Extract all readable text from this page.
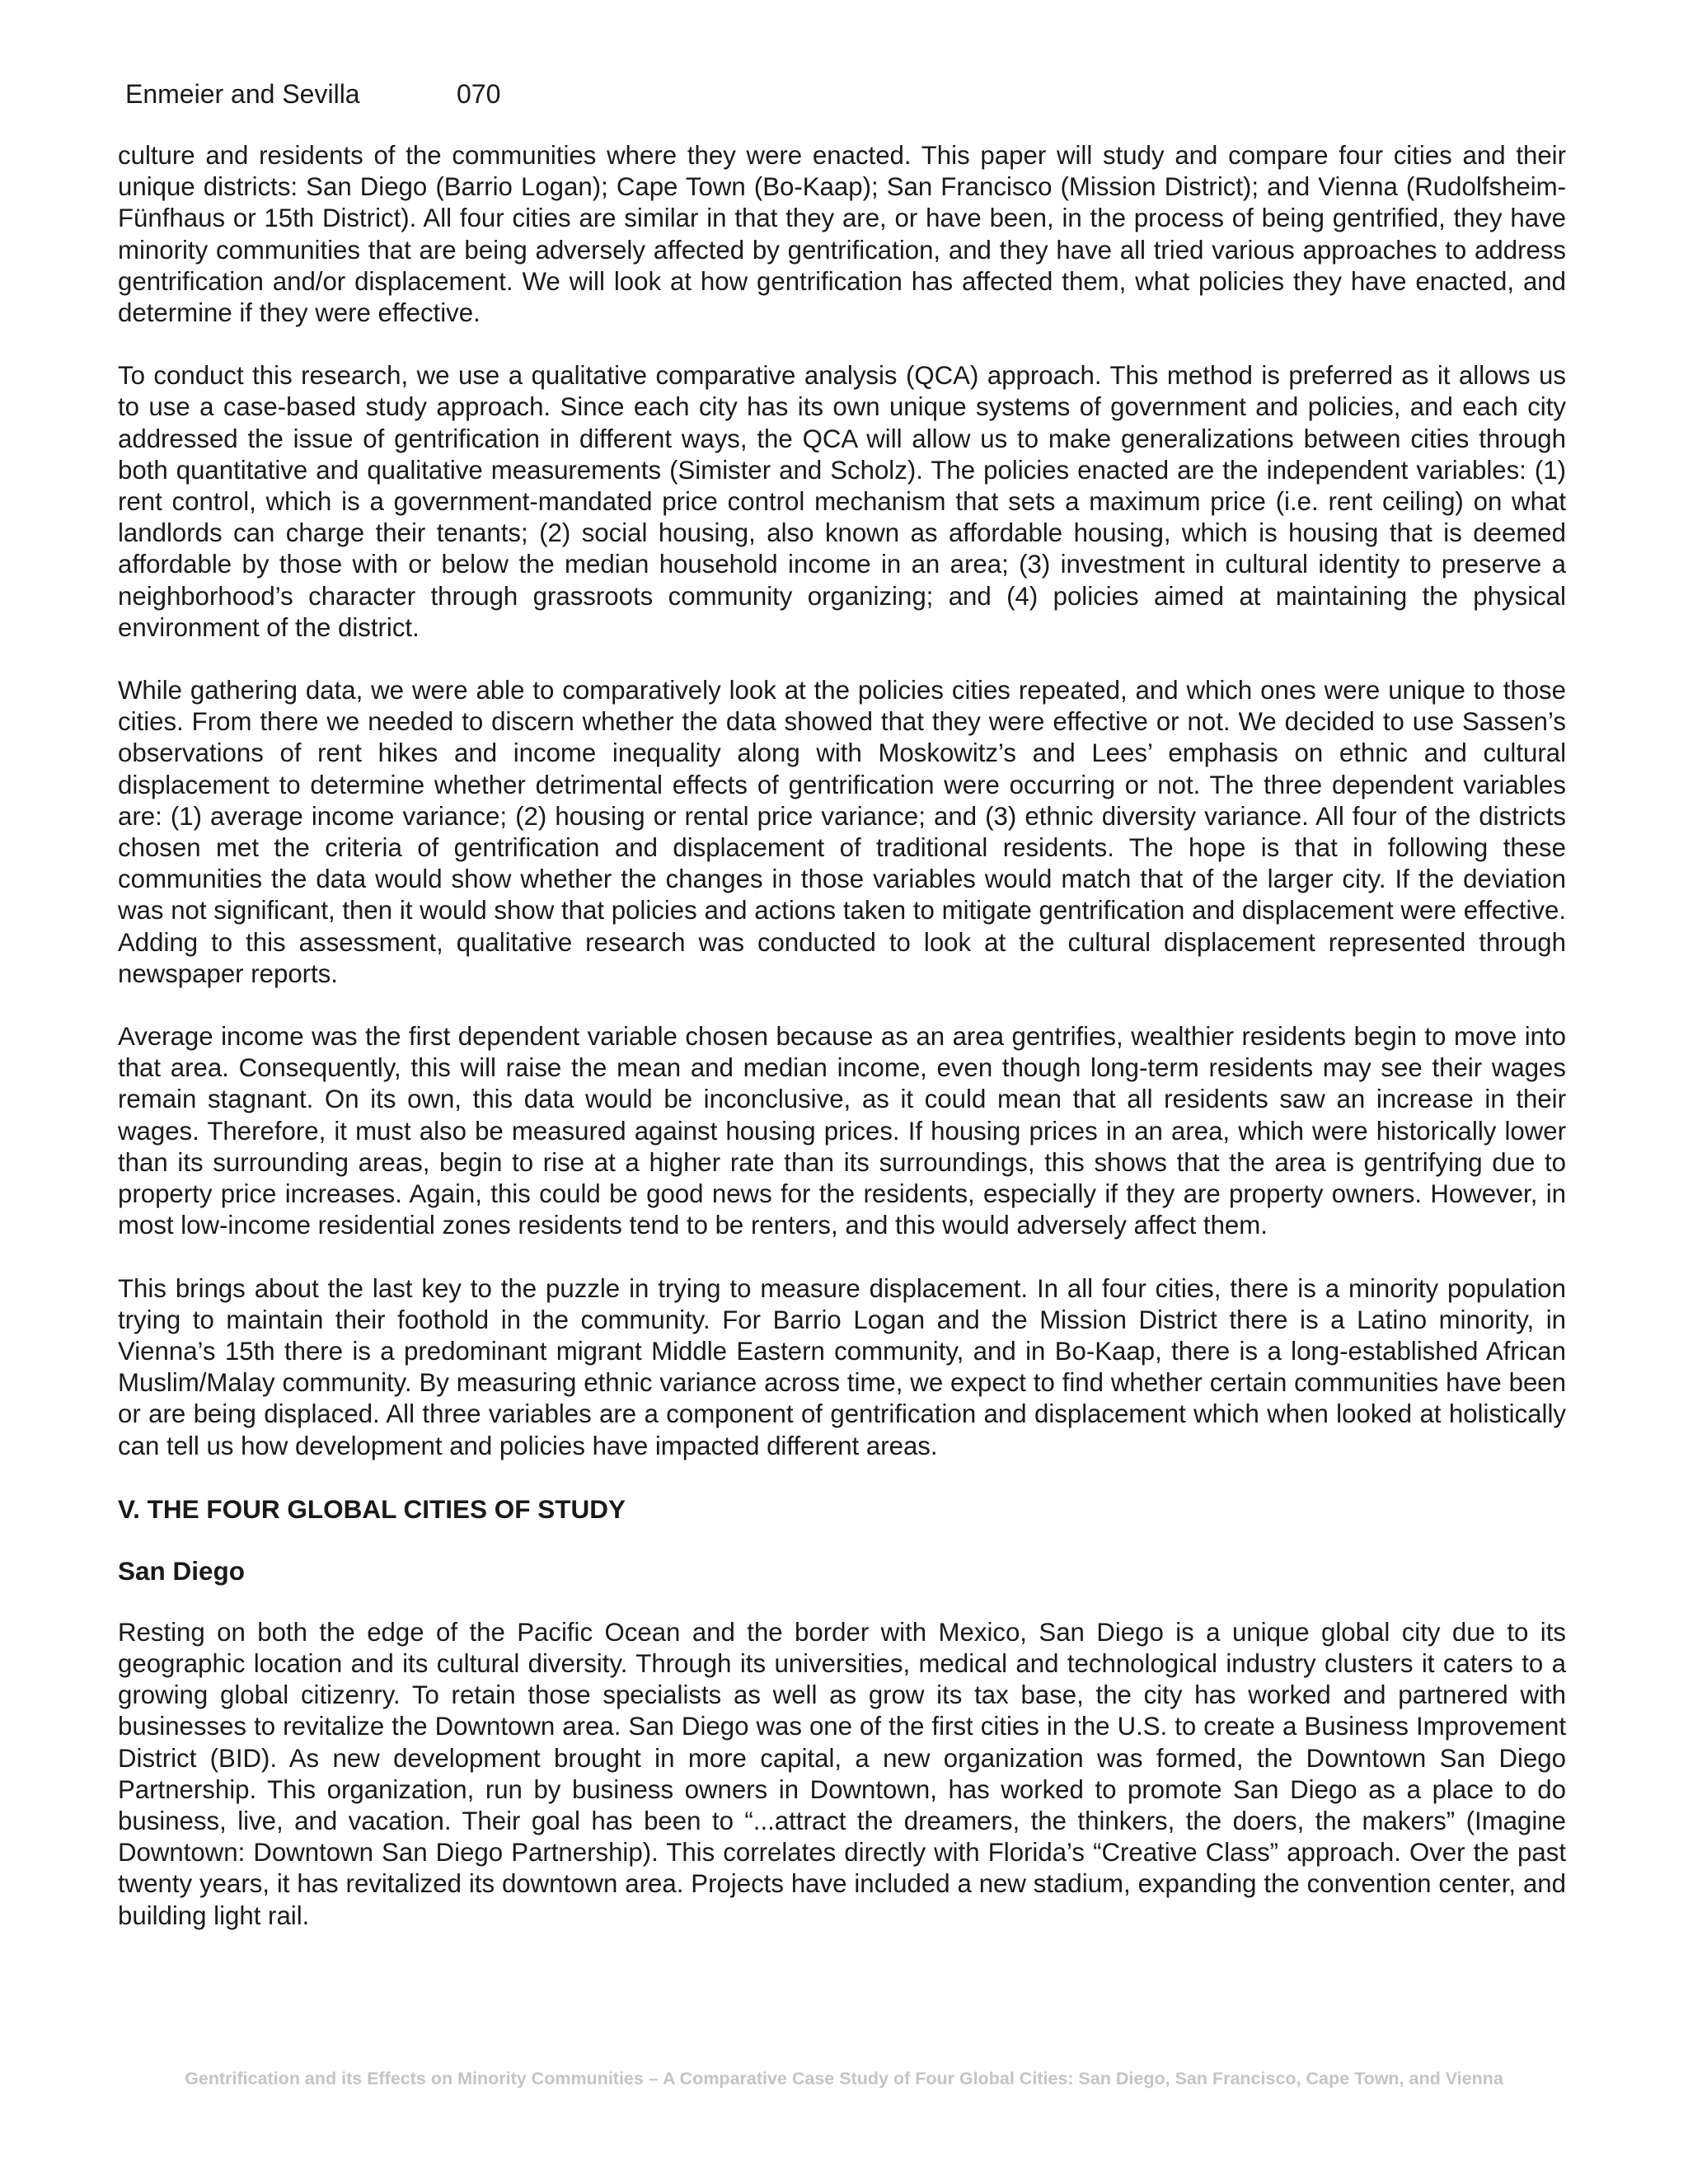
Enmeier and Sevilla	070

culture and residents of the communities where they were enacted. This paper will study and compare four cities and their unique districts: San Diego (Barrio Logan); Cape Town (Bo-Kaap); San Francisco (Mission District); and Vienna (Rudolfsheim-Fünfhaus or 15th District). All four cities are similar in that they are, or have been, in the process of being gentrified, they have minority communities that are being adversely affected by gentrification, and they have all tried various approaches to address gentrification and/or displacement. We will look at how gentrification has affected them, what policies they have enacted, and determine if they were effective.

To conduct this research, we use a qualitative comparative analysis (QCA) approach. This method is preferred as it allows us to use a case-based study approach. Since each city has its own unique systems of government and policies, and each city addressed the issue of gentrification in different ways, the QCA will allow us to make generalizations between cities through both quantitative and qualitative measurements (Simister and Scholz). The policies enacted are the independent variables: (1) rent control, which is a government-mandated price control mechanism that sets a maximum price (i.e. rent ceiling) on what landlords can charge their tenants; (2) social housing, also known as affordable housing, which is housing that is deemed affordable by those with or below the median household income in an area; (3) investment in cultural identity to preserve a neighborhood’s character through grassroots community organizing; and (4) policies aimed at maintaining the physical environment of the district.

While gathering data, we were able to comparatively look at the policies cities repeated, and which ones were unique to those cities. From there we needed to discern whether the data showed that they were effective or not. We decided to use Sassen’s observations of rent hikes and income inequality along with Moskowitz’s and Lees’ emphasis on ethnic and cultural displacement to determine whether detrimental effects of gentrification were occurring or not. The three dependent variables are: (1) average income variance; (2) housing or rental price variance; and (3) ethnic diversity variance. All four of the districts chosen met the criteria of gentrification and displacement of traditional residents. The hope is that in following these communities the data would show whether the changes in those variables would match that of the larger city. If the deviation was not significant, then it would show that policies and actions taken to mitigate gentrification and displacement were effective. Adding to this assessment, qualitative research was conducted to look at the cultural displacement represented through newspaper reports.

Average income was the first dependent variable chosen because as an area gentrifies, wealthier residents begin to move into that area. Consequently, this will raise the mean and median income, even though long-term residents may see their wages remain stagnant. On its own, this data would be inconclusive, as it could mean that all residents saw an increase in their wages. Therefore, it must also be measured against housing prices. If housing prices in an area, which were historically lower than its surrounding areas, begin to rise at a higher rate than its surroundings, this shows that the area is gentrifying due to property price increases. Again, this could be good news for the residents, especially if they are property owners. However, in most low-income residential zones residents tend to be renters, and this would adversely affect them.

This brings about the last key to the puzzle in trying to measure displacement. In all four cities, there is a minority population trying to maintain their foothold in the community. For Barrio Logan and the Mission District there is a Latino minority, in Vienna’s 15th there is a predominant migrant Middle Eastern community, and in Bo-Kaap, there is a long-established African Muslim/Malay community. By measuring ethnic variance across time, we expect to find whether certain communities have been or are being displaced. All three variables are a component of gentrification and displacement which when looked at holistically can tell us how development and policies have impacted different areas.

V. THE FOUR GLOBAL CITIES OF STUDY
San Diego

Resting on both the edge of the Pacific Ocean and the border with Mexico, San Diego is a unique global city due to its geographic location and its cultural diversity. Through its universities, medical and technological industry clusters it caters to a growing global citizenry. To retain those specialists as well as grow its tax base, the city has worked and partnered with businesses to revitalize the Downtown area. San Diego was one of the first cities in the U.S. to create a Business Improvement District (BID). As new development brought in more capital, a new organization was formed, the Downtown San Diego Partnership. This organization, run by business owners in Downtown, has worked to promote San Diego as a place to do business, live, and vacation. Their goal has been to “...attract the dreamers, the thinkers, the doers, the makers” (Imagine Downtown: Downtown San Diego Partnership). This correlates directly with Florida’s “Creative Class” approach. Over the past twenty years, it has revitalized its downtown area. Projects have included a new stadium, expanding the convention center, and building light rail.

Gentrification and its Effects on Minority Communities – A Comparative Case Study of Four Global Cities: San Diego, San Francisco, Cape Town, and Vienna
